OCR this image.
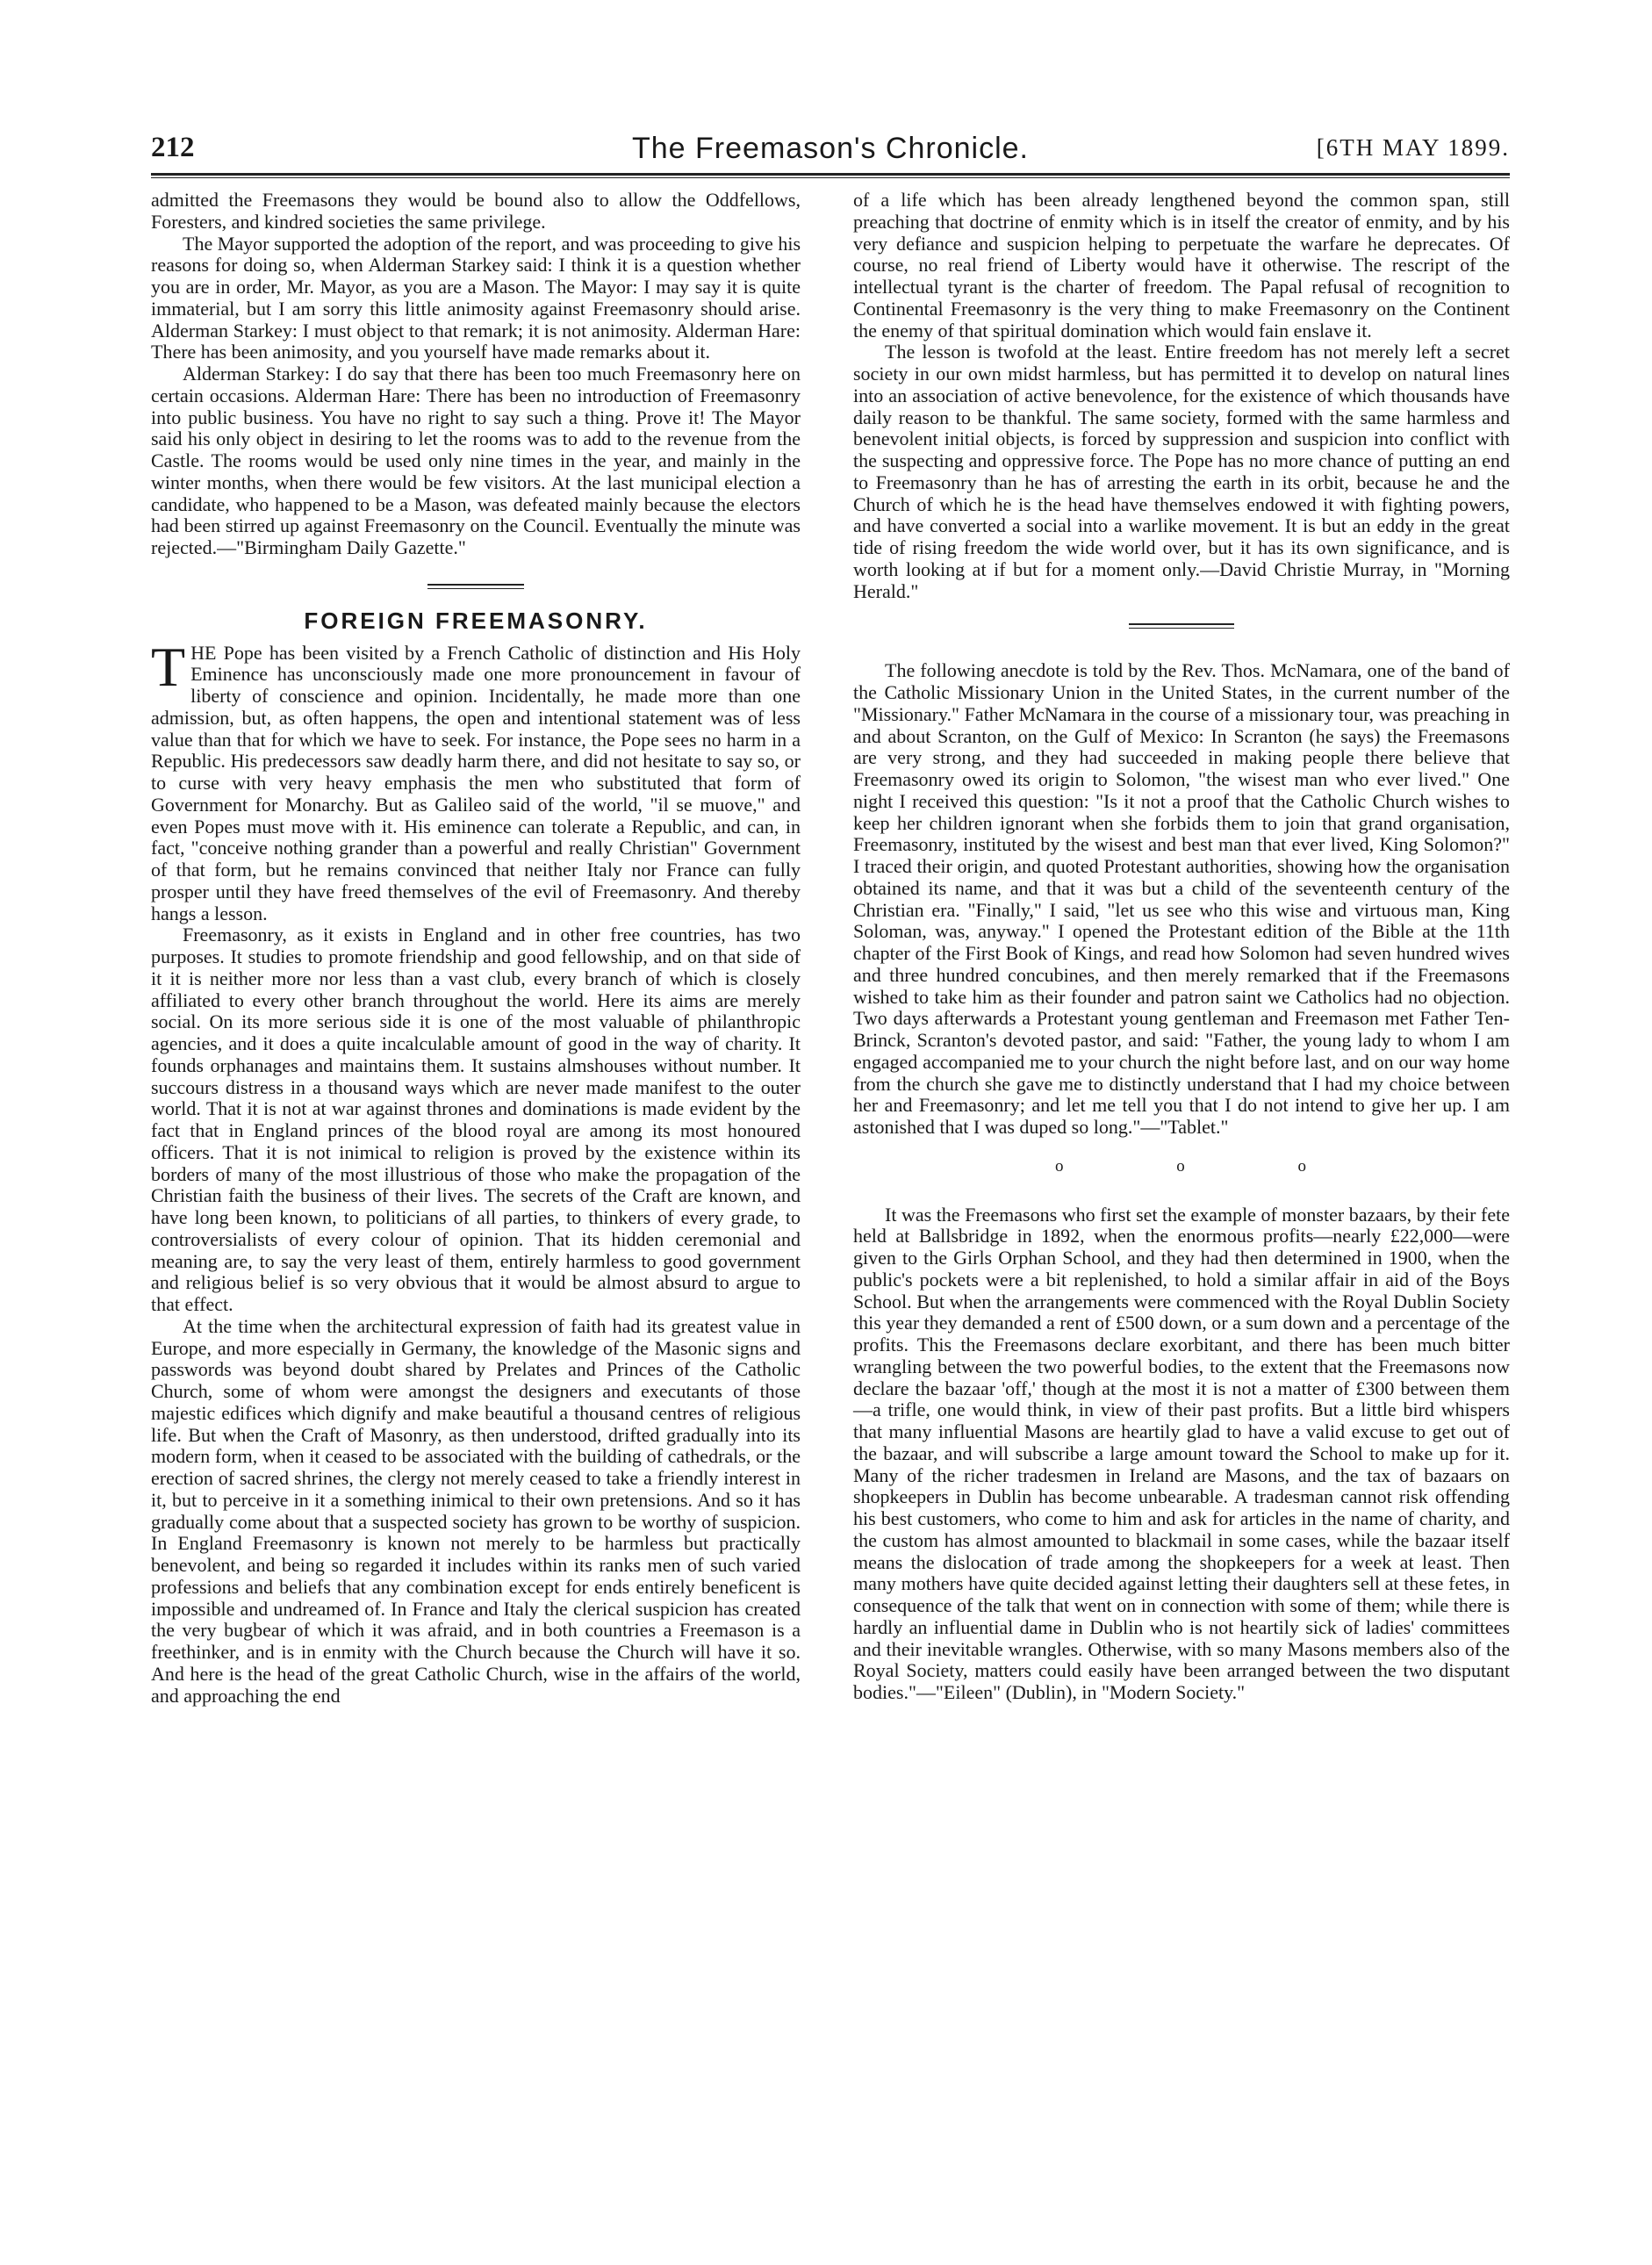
212	The Freemason's Chronicle.	[6TH MAY 1899.

admitted the Freemasons they would be bound also to allow the Oddfellows, Foresters, and kindred societies the same privilege.

The Mayor supported the adoption of the report, and was proceeding to give his reasons for doing so, when Alderman Starkey said: I think it is a question whether you are in order, Mr. Mayor, as you are a Mason. The Mayor: I may say it is quite immaterial, but I am sorry this little animosity against Freemasonry should arise. Alderman Starkey: I must object to that remark; it is not animosity. Alderman Hare: There has been animosity, and you yourself have made remarks about it.

Alderman Starkey: I do say that there has been too much Freemasonry here on certain occasions. Alderman Hare: There has been no introduction of Freemasonry into public business. You have no right to say such a thing. Prove it! The Mayor said his only object in desiring to let the rooms was to add to the revenue from the Castle. The rooms would be used only nine times in the year, and mainly in the winter months, when there would be few visitors. At the last municipal election a candidate, who happened to be a Mason, was defeated mainly because the electors had been stirred up against Freemasonry on the Council. Eventually the minute was rejected.—"Birmingham Daily Gazette."

FOREIGN FREEMASONRY.

THE Pope has been visited by a French Catholic of distinction and His Holy Eminence has unconsciously made one more pronouncement in favour of liberty of conscience and opinion. Incidentally, he made more than one admission, but, as often happens, the open and intentional statement was of less value than that for which we have to seek. For instance, the Pope sees no harm in a Republic. His predecessors saw deadly harm there, and did not hesitate to say so, or to curse with very heavy emphasis the men who substituted that form of Government for Monarchy. But as Galileo said of the world, "il se muove," and even Popes must move with it. His eminence can tolerate a Republic, and can, in fact, "conceive nothing grander than a powerful and really Christian" Government of that form, but he remains convinced that neither Italy nor France can fully prosper until they have freed themselves of the evil of Freemasonry. And thereby hangs a lesson.

Freemasonry, as it exists in England and in other free countries, has two purposes. It studies to promote friendship and good fellowship, and on that side of it it is neither more nor less than a vast club, every branch of which is closely affiliated to every other branch throughout the world. Here its aims are merely social. On its more serious side it is one of the most valuable of philanthropic agencies, and it does a quite incalculable amount of good in the way of charity. It founds orphanages and maintains them. It sustains almshouses without number. It succours distress in a thousand ways which are never made manifest to the outer world. That it is not at war against thrones and dominations is made evident by the fact that in England princes of the blood royal are among its most honoured officers. That it is not inimical to religion is proved by the existence within its borders of many of the most illustrious of those who make the propagation of the Christian faith the business of their lives. The secrets of the Craft are known, and have long been known, to politicians of all parties, to thinkers of every grade, to controversialists of every colour of opinion. That its hidden ceremonial and meaning are, to say the very least of them, entirely harmless to good government and religious belief is so very obvious that it would be almost absurd to argue to that effect.

At the time when the architectural expression of faith had its greatest value in Europe, and more especially in Germany, the knowledge of the Masonic signs and passwords was beyond doubt shared by Prelates and Princes of the Catholic Church, some of whom were amongst the designers and executants of those majestic edifices which dignify and make beautiful a thousand centres of religious life. But when the Craft of Masonry, as then understood, drifted gradually into its modern form, when it ceased to be associated with the building of cathedrals, or the erection of sacred shrines, the clergy not merely ceased to take a friendly interest in it, but to perceive in it a something inimical to their own pretensions. And so it has gradually come about that a suspected society has grown to be worthy of suspicion. In England Freemasonry is known not merely to be harmless but practically benevolent, and being so regarded it includes within its ranks men of such varied professions and beliefs that any combination except for ends entirely beneficent is impossible and undreamed of. In France and Italy the clerical suspicion has created the very bugbear of which it was afraid, and in both countries a Freemason is a freethinker, and is in enmity with the Church because the Church will have it so. And here is the head of the great Catholic Church, wise in the affairs of the world, and approaching the end

of a life which has been already lengthened beyond the common span, still preaching that doctrine of enmity which is in itself the creator of enmity, and by his very defiance and suspicion helping to perpetuate the warfare he deprecates. Of course, no real friend of Liberty would have it otherwise. The rescript of the intellectual tyrant is the charter of freedom. The Papal refusal of recognition to Continental Freemasonry is the very thing to make Freemasonry on the Continent the enemy of that spiritual domination which would fain enslave it.

The lesson is twofold at the least. Entire freedom has not merely left a secret society in our own midst harmless, but has permitted it to develop on natural lines into an association of active benevolence, for the existence of which thousands have daily reason to be thankful. The same society, formed with the same harmless and benevolent initial objects, is forced by suppression and suspicion into conflict with the suspecting and oppressive force. The Pope has no more chance of putting an end to Freemasonry than he has of arresting the earth in its orbit, because he and the Church of which he is the head have themselves endowed it with fighting powers, and have converted a social into a warlike movement. It is but an eddy in the great tide of rising freedom the wide world over, but it has its own significance, and is worth looking at if but for a moment only.—David Christie Murray, in "Morning Herald."

The following anecdote is told by the Rev. Thos. McNamara, one of the band of the Catholic Missionary Union in the United States, in the current number of the "Missionary." Father McNamara in the course of a missionary tour, was preaching in and about Scranton, on the Gulf of Mexico: In Scranton (he says) the Freemasons are very strong, and they had succeeded in making people there believe that Freemasonry owed its origin to Solomon, "the wisest man who ever lived." One night I received this question: "Is it not a proof that the Catholic Church wishes to keep her children ignorant when she forbids them to join that grand organisation, Freemasonry, instituted by the wisest and best man that ever lived, King Solomon?" I traced their origin, and quoted Protestant authorities, showing how the organisation obtained its name, and that it was but a child of the seventeenth century of the Christian era. "Finally," I said, "let us see who this wise and virtuous man, King Soloman, was, anyway." I opened the Protestant edition of the Bible at the 11th chapter of the First Book of Kings, and read how Solomon had seven hundred wives and three hundred concubines, and then merely remarked that if the Freemasons wished to take him as their founder and patron saint we Catholics had no objection. Two days afterwards a Protestant young gentleman and Freemason met Father Ten-Brinck, Scranton's devoted pastor, and said: "Father, the young lady to whom I am engaged accompanied me to your church the night before last, and on our way home from the church she gave me to distinctly understand that I had my choice between her and Freemasonry; and let me tell you that I do not intend to give her up. I am astonished that I was duped so long."—"Tablet."

o o o

It was the Freemasons who first set the example of monster bazaars, by their fete held at Ballsbridge in 1892, when the enormous profits—nearly £22,000—were given to the Girls Orphan School, and they had then determined in 1900, when the public's pockets were a bit replenished, to hold a similar affair in aid of the Boys School. But when the arrangements were commenced with the Royal Dublin Society this year they demanded a rent of £500 down, or a sum down and a percentage of the profits. This the Freemasons declare exorbitant, and there has been much bitter wrangling between the two powerful bodies, to the extent that the Freemasons now declare the bazaar 'off,' though at the most it is not a matter of £300 between them —a trifle, one would think, in view of their past profits. But a little bird whispers that many influential Masons are heartily glad to have a valid excuse to get out of the bazaar, and will subscribe a large amount toward the School to make up for it. Many of the richer tradesmen in Ireland are Masons, and the tax of bazaars on shopkeepers in Dublin has become unbearable. A tradesman cannot risk offending his best customers, who come to him and ask for articles in the name of charity, and the custom has almost amounted to blackmail in some cases, while the bazaar itself means the dislocation of trade among the shopkeepers for a week at least. Then many mothers have quite decided against letting their daughters sell at these fetes, in consequence of the talk that went on in connection with some of them; while there is hardly an influential dame in Dublin who is not heartily sick of ladies' committees and their inevitable wrangles. Otherwise, with so many Masons members also of the Royal Society, matters could easily have been arranged between the two disputant bodies."—"Eileen" (Dublin), in "Modern Society."
